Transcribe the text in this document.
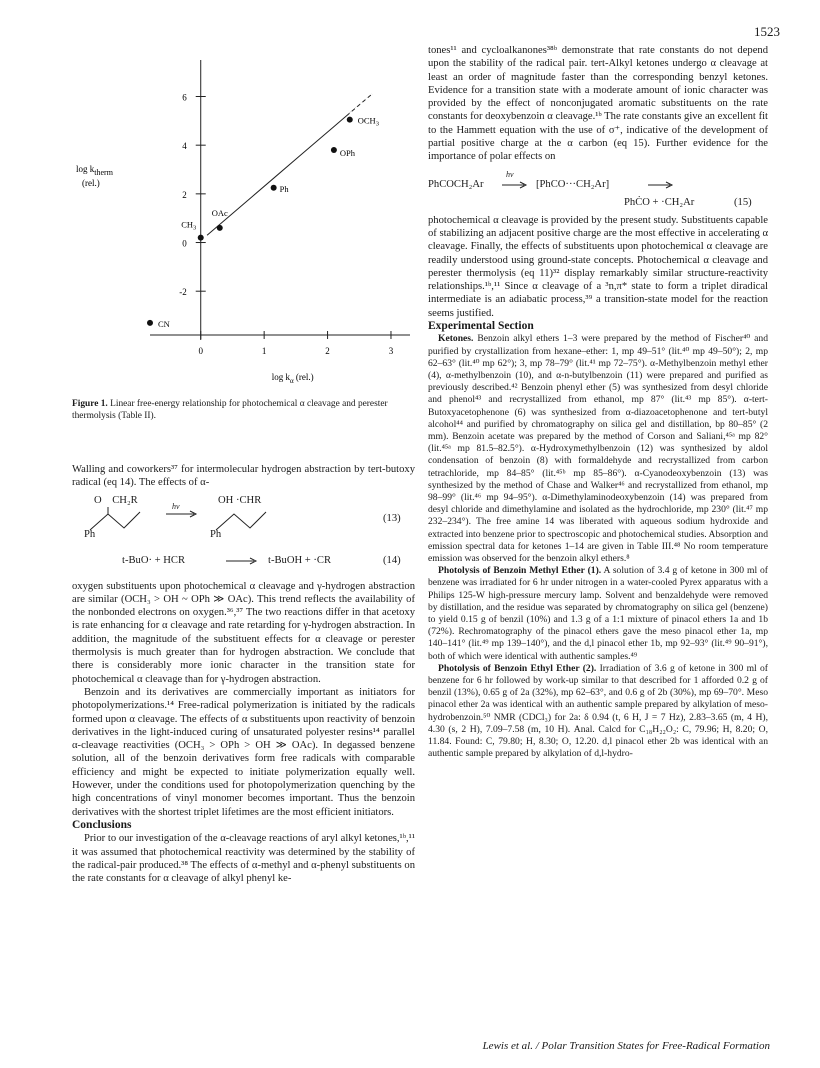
1523
6
4
2
0
-2
0	1	2	3
log ktherm
(rel.)
$\log k_\alpha$ (rel.)
CN
$CH_3$
OAc
Ph
OPh
$OCH_3$
Figure 1. Linear free-energy relationship for photochemical α cleavage and perester thermolysis (Table II).

Walling and coworkers³⁷ for intermolecular hydrogen abstraction by tert-butoxy radical (eq 14). The effects of α-

O    CH₂R
Ph
hν
OH ·CHR
Ph
(13)
t-BuO· + HCR	t-BuOH + ·CR	(14)

oxygen substituents upon photochemical α cleavage and γ-hydrogen abstraction are similar (OCH₃ > OH ~ OPh ≫ OAc). This trend reflects the availability of the nonbonded electrons on oxygen.³⁶,³⁷ The two reactions differ in that acetoxy is rate enhancing for α cleavage and rate retarding for γ-hydrogen abstraction. In addition, the magnitude of the substituent effects for α cleavage or perester thermolysis is much greater than for hydrogen abstraction. We conclude that there is considerably more ionic character in the transition state for photochemical α cleavage than for γ-hydrogen abstraction.

Benzoin and its derivatives are commercially important as initiators for photopolymerizations.¹⁴ Free-radical polymerization is initiated by the radicals formed upon α cleavage. The effects of α substituents upon reactivity of benzoin derivatives in the light-induced curing of unsaturated polyester resins¹⁴ parallel α-cleavage reactivities (OCH₃ > OPh > OH ≫ OAc). In degassed benzene solution, all of the benzoin derivatives form free radicals with comparable efficiency and might be expected to initiate polymerization equally well. However, under the conditions used for photopolymerization quenching by the high concentrations of vinyl monomer becomes important. Thus the benzoin derivatives with the shortest triplet lifetimes are the most efficient initiators.

Conclusions

Prior to our investigation of the α-cleavage reactions of aryl alkyl ketones,¹ᵇ,¹¹ it was assumed that photochemical reactivity was determined by the stability of the radical-pair produced.³⁸ The effects of α-methyl and α-phenyl substituents on the rate constants for α cleavage of alkyl phenyl ke-

tones¹¹ and cycloalkanones³⁸ᵇ demonstrate that rate constants do not depend upon the stability of the radical pair. tert-Alkyl ketones undergo α cleavage at least an order of magnitude faster than the corresponding benzyl ketones. Evidence for a transition state with a moderate amount of ionic character was provided by the effect of nonconjugated aromatic substituents on the rate constants for deoxybenzoin α cleavage.¹ᵇ The rate constants give an excellent fit to the Hammett equation with the use of σ⁺, indicative of the development of partial positive charge at the α carbon (eq 15). Further evidence for the importance of polar effects on

PhCOCH₂Ar
hν
[PhCO···CH₂Ar]
PhĊO + ·CH₂Ar	(15)

photochemical α cleavage is provided by the present study. Substituents capable of stabilizing an adjacent positive charge are the most effective in accelerating α cleavage. Finally, the effects of substituents upon photochemical α cleavage are readily understood using ground-state concepts. Photochemical α cleavage and perester thermolysis (eq 11)³² display remarkably similar structure-reactivity relationships.¹ᵇ,¹¹ Since α cleavage of a ³n,π* state to form a triplet diradical intermediate is an adiabatic process,³⁹ a transition-state model for the reaction seems justified.

Experimental Section

Ketones. Benzoin alkyl ethers 1–3 were prepared by the method of Fischer⁴⁰ and purified by crystallization from hexane–ether: 1, mp 49–51° (lit.⁴⁰ mp 49–50°); 2, mp 62–63° (lit.⁴⁰ mp 62°); 3, mp 78–79° (lit.⁴¹ mp 72–75°). α-Methylbenzoin methyl ether (4), α-methylbenzoin (10), and α-n-butylbenzoin (11) were prepared and purified as previously described.⁴² Benzoin phenyl ether (5) was synthesized from desyl chloride and phenol⁴³ and recrystallized from ethanol, mp 87° (lit.⁴³ mp 85°). α-tert-Butoxyacetophenone (6) was synthesized from α-diazoacetophenone and tert-butyl alcohol⁴⁴ and purified by chromatography on silica gel and distillation, bp 80–85° (2 mm). Benzoin acetate was prepared by the method of Corson and Saliani,⁴⁵ᵃ mp 82° (lit.⁴⁵ᵃ mp 81.5–82.5°). α-Hydroxymethylbenzoin (12) was synthesized by aldol condensation of benzoin (8) with formaldehyde and recrystallized from carbon tetrachloride, mp 84–85° (lit.⁴⁵ᵇ mp 85–86°). α-Cyanodeoxybenzoin (13) was synthesized by the method of Chase and Walker⁴⁶ and recrystallized from ethanol, mp 98–99° (lit.⁴⁶ mp 94–95°). α-Dimethylaminodeoxybenzoin (14) was prepared from desyl chloride and dimethylamine and isolated as the hydrochloride, mp 230° (lit.⁴⁷ mp 232–234°). The free amine 14 was liberated with aqueous sodium hydroxide and extracted into benzene prior to spectroscopic and photochemical studies. Absorption and emission spectral data for ketones 1–14 are given in Table III.⁴⁸ No room temperature emission was observed for the benzoin alkyl ethers.⁸

Photolysis of Benzoin Methyl Ether (1). A solution of 3.4 g of ketone in 300 ml of benzene was irradiated for 6 hr under nitrogen in a water-cooled Pyrex apparatus with a Philips 125-W high-pressure mercury lamp. Solvent and benzaldehyde were removed by distillation, and the residue was separated by chromatography on silica gel (benzene) to yield 0.15 g of benzil (10%) and 1.3 g of a 1:1 mixture of pinacol ethers 1a and 1b (72%). Rechromatography of the pinacol ethers gave the meso pinacol ether 1a, mp 140–141° (lit.⁴⁹ mp 139–140°), and the d,l pinacol ether 1b, mp 92–93° (lit.⁴⁹ 90–91°), both of which were identical with authentic samples.⁴⁹

Photolysis of Benzoin Ethyl Ether (2). Irradiation of 3.6 g of ketone in 300 ml of benzene for 6 hr followed by work-up similar to that described for 1 afforded 0.2 g of benzil (13%), 0.65 g of 2a (32%), mp 62–63°, and 0.6 g of 2b (30%), mp 69–70°. Meso pinacol ether 2a was identical with an authentic sample prepared by alkylation of meso-hydrobenzoin.⁵⁰ NMR (CDCl₃) for 2a: δ 0.94 (t, 6 H, J = 7 Hz), 2.83–3.65 (m, 4 H), 4.30 (s, 2 H), 7.09–7.58 (m, 10 H). Anal. Calcd for C₁₈H₂₂O₂: C, 79.96; H, 8.20; O, 11.84. Found: C, 79.80; H, 8.30; O, 12.20. d,l pinacol ether 2b was identical with an authentic sample prepared by alkylation of d,l-hydro-

Lewis et al. / Polar Transition States for Free-Radical Formation
